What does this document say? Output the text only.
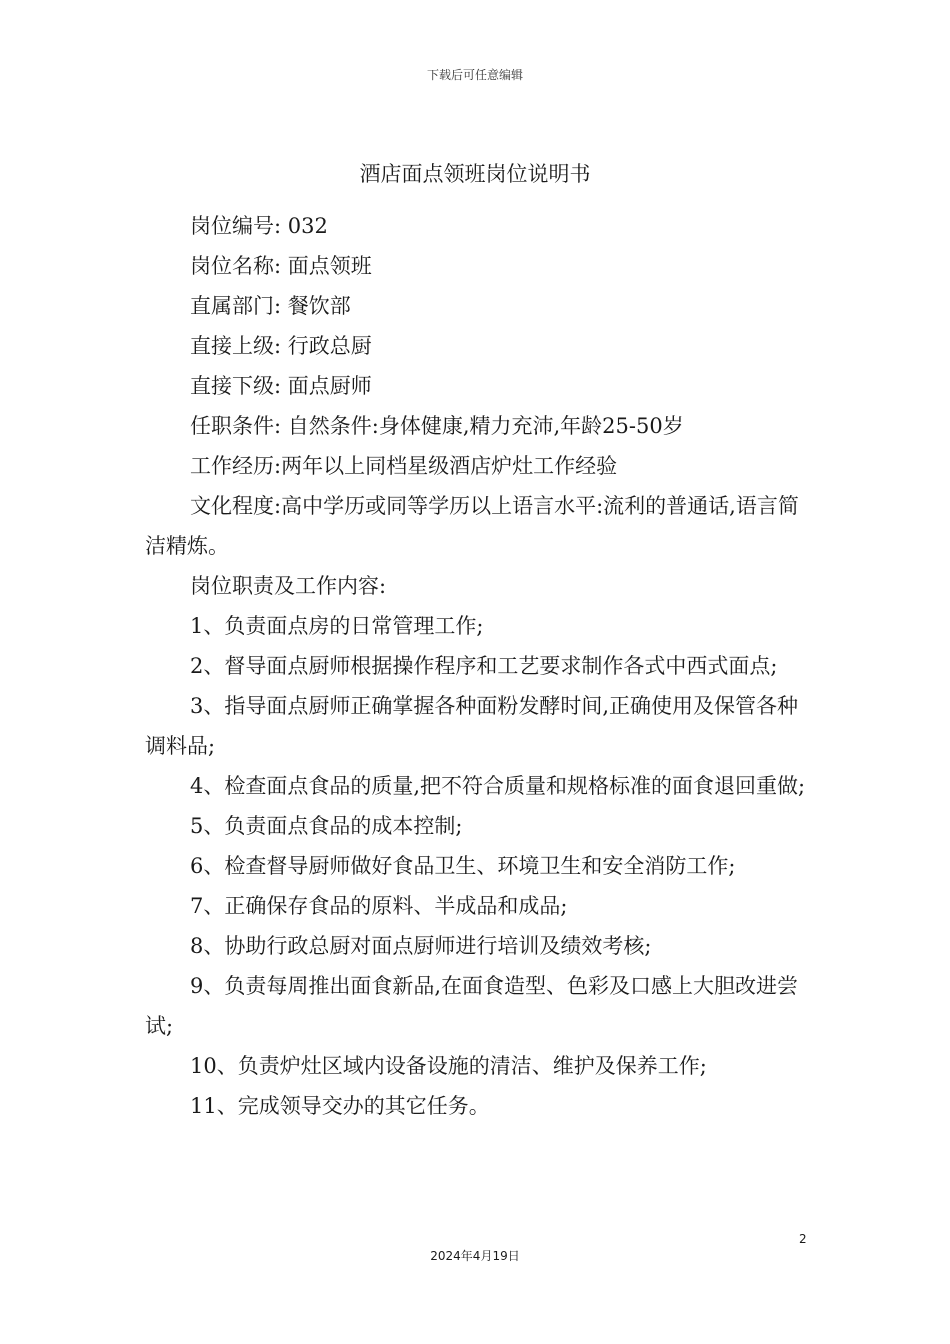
下载后可任意编辑
酒店面点领班岗位说明书

岗位编号: 032

岗位名称: 面点领班

直属部门: 餐饮部

直接上级: 行政总厨

直接下级: 面点厨师

任职条件: 自然条件:身体健康,精力充沛,年龄25-50岁

工作经历:两年以上同档星级酒店炉灶工作经验

文化程度:高中学历或同等学历以上语言水平:流利的普通话,语言简洁精炼。

岗位职责及工作内容:

1、负责面点房的日常管理工作;

2、督导面点厨师根据操作程序和工艺要求制作各式中西式面点;

3、指导面点厨师正确掌握各种面粉发酵时间,正确使用及保管各种调料品;

4、检查面点食品的质量,把不符合质量和规格标准的面食退回重做;

5、负责面点食品的成本控制;

6、检查督导厨师做好食品卫生、环境卫生和安全消防工作;

7、正确保存食品的原料、半成品和成品;

8、协助行政总厨对面点厨师进行培训及绩效考核;

9、负责每周推出面食新品,在面食造型、色彩及口感上大胆改进尝试;

10、负责炉灶区域内设备设施的清洁、维护及保养工作;

11、完成领导交办的其它任务。

2
2024年4月19日
